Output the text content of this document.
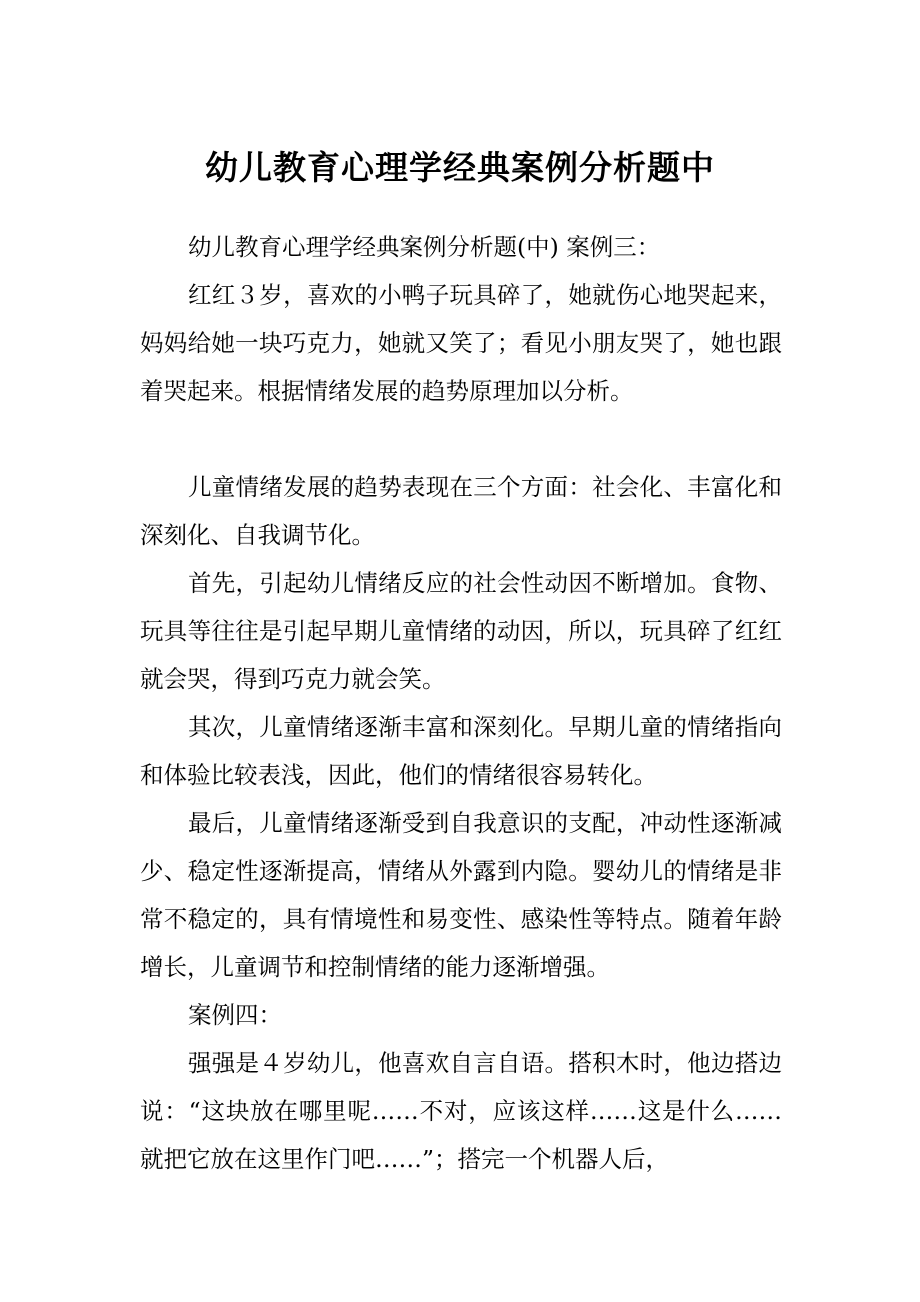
幼儿教育心理学经典案例分析题中

幼儿教育心理学经典案例分析题(中) 案例三：

红红３岁，喜欢的小鸭子玩具碎了，她就伤心地哭起来，妈妈给她一块巧克力，她就又笑了；看见小朋友哭了，她也跟着哭起来。根据情绪发展的趋势原理加以分析。

儿童情绪发展的趋势表现在三个方面：社会化、丰富化和深刻化、自我调节化。

首先，引起幼儿情绪反应的社会性动因不断增加。食物、玩具等往往是引起早期儿童情绪的动因，所以，玩具碎了红红就会哭，得到巧克力就会笑。

其次，儿童情绪逐渐丰富和深刻化。早期儿童的情绪指向和体验比较表浅，因此，他们的情绪很容易转化。

最后，儿童情绪逐渐受到自我意识的支配，冲动性逐渐减少、稳定性逐渐提高，情绪从外露到内隐。婴幼儿的情绪是非常不稳定的，具有情境性和易变性、感染性等特点。随着年龄增长，儿童调节和控制情绪的能力逐渐增强。

案例四：

强强是４岁幼儿，他喜欢自言自语。搭积木时，他边搭边说：“这块放在哪里呢……不对，应该这样……这是什么……就把它放在这里作门吧……”；搭完一个机器人后，
